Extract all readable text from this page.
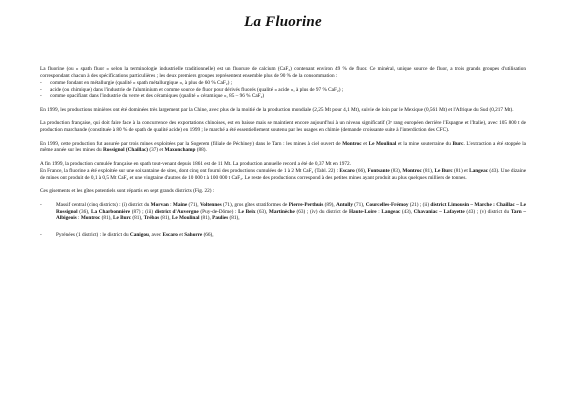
La Fluorine

La fluorine (ou « spath fluor » selon la terminologie industrielle traditionnelle) est un fluorure de calcium (CaF₂) contenant environ 49 % de fluor. Ce minéral, unique source de fluor, a trois grands groupes d'utilisation correspondant chacun à des spécifications particulières ; les deux premiers groupes représentent ensemble plus de 90 % de la consommation :

- comme fondant en métallurgie (qualité « spath métallurgique », à plus de 60 % CaF₂) ;
- acide (ou chimique) dans l'industrie de l'aluminium et comme source de fluor pour dérivés fluorés (qualité « acide », à plus de 97 % CaF₂) ;
- comme opacifiant dans l'industrie du verre et des céramiques (qualité « céramique », 85 – 96 % CaF₂)

En 1999, les productions minières ont été dominées très largement par la Chine, avec plus de la moitié de la production mondiale (2,25 Mt pour 4,1 Mt), suivie de loin par le Mexique (0,561 Mt) et l'Afrique du Sud (0,217 Mt).

La production française, qui doit faire face à la concurrence des exportations chinoises, est en baisse mais se maintient encore aujourd'hui à un niveau significatif (3ᵉ rang européen derrière l'Espagne et l'Italie), avec 105 800 t de production marchande (constituée à 80 % de spath de qualité acide) en 1999 ; le marché a été essentiellement soutenu par les usages en chimie (demande croissante suite à l'interdiction des CFC).

En 1999, cette production fut assurée par trois mines exploitées par la Sogerem (filiale de Péchiney) dans le Tarn : les mines à ciel ouvert de Montroc et Le Moulinal et la mine souterraine du Burc. L'extraction a été stoppée la même année sur les mines du Rossignol (Chaillac) (37) et Maxonchamp (88).

A fin 1999, la production cumulée française en spath tout-venant depuis 1861 est de 11 Mt. La production annuelle record a été de 0,37 Mt en 1972.

En France, la fluorine a été exploitée sur une soixantaine de sites, dont cinq ont fourni des productions cumulées de 1 à 2 Mt CaF₂ (Tabl. 22) : Escaro (66), Fontsante (83), Montroc (81), Le Burc (81) et Langeac (43). Une dizaine de mines ont produit de 0,1 à 0,5 Mt CaF₂ et une vingtaine d'autres de 10 000 t à 100 000 t CaF₂. Le reste des productions correspond à des petites mines ayant produit au plus quelques milliers de tonnes.

Ces gisements et les gîtes potentiels sont répartis en sept grands districts (Fig. 22) :

- Massif central (cinq districts) : (i) district du Morvan : Maine (71), Voltennes (71), gros gîtes stratiformes de Pierre-Perthuis (89), Antully (71), Courcelles-Frémoy (21) ; (ii) district Limousin – Marche : Chaillac – Le Rossignol (36), La Charbonnière (87) ; (iii) district d'Auvergne (Puy-de-Dôme) : Le Beix (63), Martinèche (63) ; (iv) du district de Haute-Loire : Langeac (43), Chavaniac – Lafayette (43) ; (v) district du Tarn – Albigeois : Montroc (81), Le Burc (81), Trébas (81), Le Moulinal (81), Paulies (81),
- Pyrénées (1 district) : le district du Canigou, avec Escaro et Sahorre (66),
